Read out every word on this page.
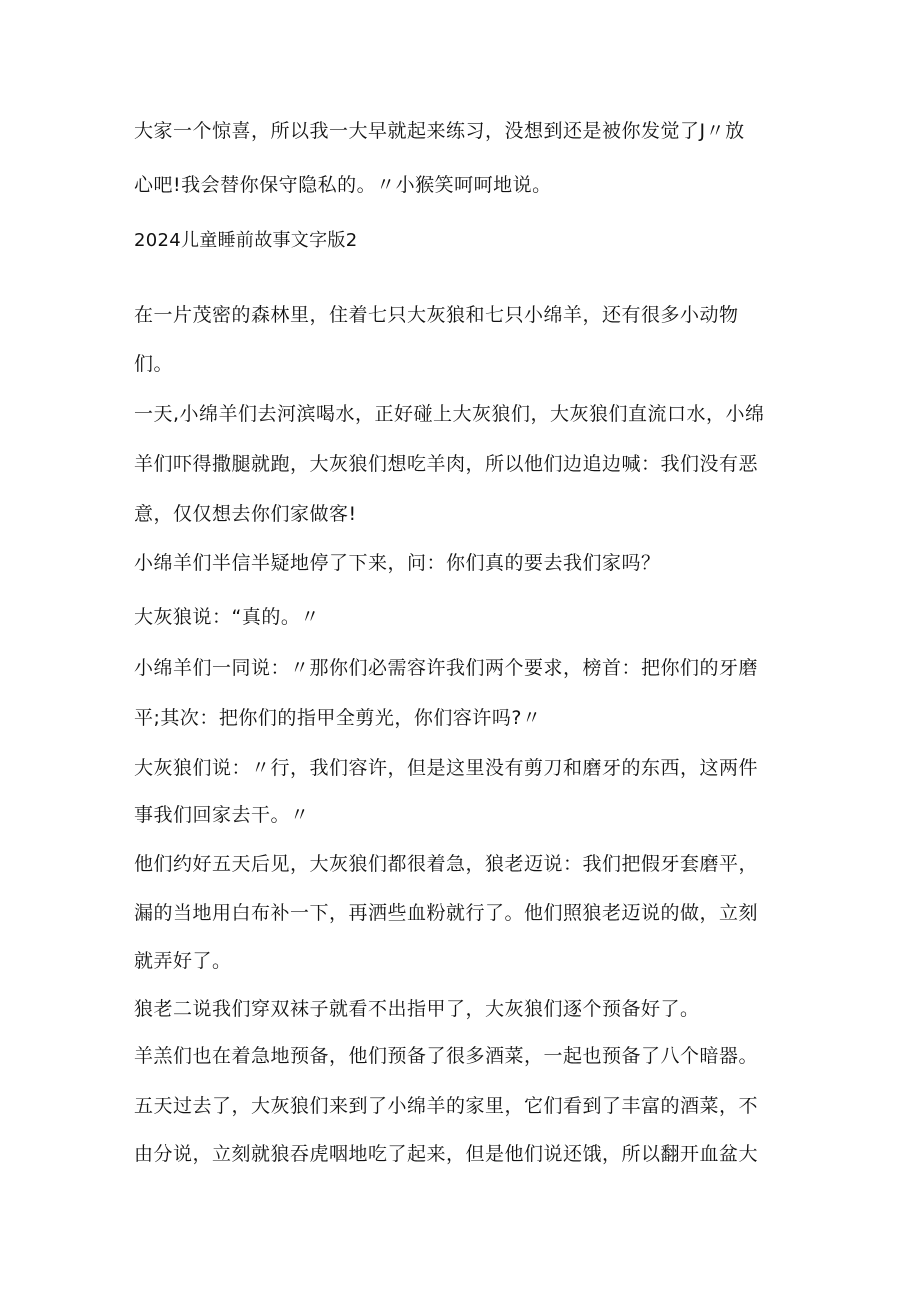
大家一个惊喜，所以我一大早就起来练习，没想到还是被你发觉了J〃放

心吧!我会替你保守隐私的。〃小猴笑呵呵地说。

2024儿童睡前故事文字版2

在一片茂密的森林里，住着七只大灰狼和七只小绵羊，还有很多小动物

们。

一天,小绵羊们去河滨喝水，正好碰上大灰狼们，大灰狼们直流口水，小绵

羊们吓得撒腿就跑，大灰狼们想吃羊肉，所以他们边追边喊：我们没有恶

意，仅仅想去你们家做客!

小绵羊们半信半疑地停了下来，问：你们真的要去我们家吗？

大灰狼说：“真的。〃

小绵羊们一同说：〃那你们必需容许我们两个要求，榜首：把你们的牙磨

平;其次：把你们的指甲全剪光，你们容许吗?〃

大灰狼们说：〃行，我们容许，但是这里没有剪刀和磨牙的东西，这两件

事我们回家去干。〃

他们约好五天后见，大灰狼们都很着急，狼老迈说：我们把假牙套磨平，

漏的当地用白布补一下，再洒些血粉就行了。他们照狼老迈说的做，立刻

就弄好了。

狼老二说我们穿双袜子就看不出指甲了，大灰狼们逐个预备好了。

羊羔们也在着急地预备，他们预备了很多酒菜，一起也预备了八个暗器。

五天过去了，大灰狼们来到了小绵羊的家里，它们看到了丰富的酒菜，不

由分说，立刻就狼吞虎咽地吃了起来，但是他们说还饿，所以翻开血盆大
